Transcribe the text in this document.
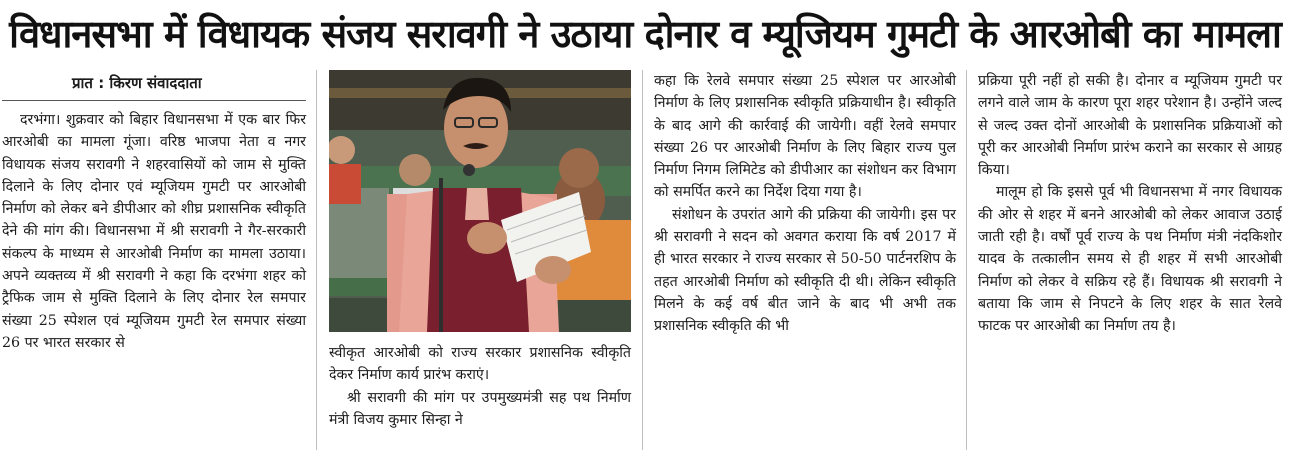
विधानसभा में विधायक संजय सरावगी ने उठाया दोनार व म्यूजियम गुमटी के आरओबी का मामला
प्रात : किरण संवाददाता

दरभंगा। शुक्रवार को बिहार विधानसभा में एक बार फिर आरओबी का मामला गूंजा। वरिष्ठ भाजपा नेता व नगर विधायक संजय सरावगी ने शहरवासियों को जाम से मुक्ति दिलाने के लिए दोनार एवं म्यूजियम गुमटी पर आरओबी निर्माण को लेकर बने डीपीआर को शीघ्र प्रशासनिक स्वीकृति देने की मांग की। विधानसभा में श्री सरावगी ने गैर-सरकारी संकल्प के माध्यम से आरओबी निर्माण का मामला उठाया। अपने व्यक्तव्य में श्री सरावगी ने कहा कि दरभंगा शहर को ट्रैफिक जाम से मुक्ति दिलाने के लिए दोनार रेल समपार संख्या 25 स्पेशल एवं म्यूजियम गुमटी रेल समपार संख्या 26 पर भारत सरकार से

स्वीकृत आरओबी को राज्य सरकार प्रशासनिक स्वीकृति देकर निर्माण कार्य प्रारंभ कराएं।

श्री सरावगी की मांग पर उपमुख्यमंत्री सह पथ निर्माण मंत्री विजय कुमार सिन्हा ने

कहा कि रेलवे समपार संख्या 25 स्पेशल पर आरओबी निर्माण के लिए प्रशासनिक स्वीकृति प्रक्रियाधीन है। स्वीकृति के बाद आगे की कार्रवाई की जायेगी। वहीं रेलवे समपार संख्या 26 पर आरओबी निर्माण के लिए बिहार राज्य पुल निर्माण निगम लिमिटेड को डीपीआर का संशोधन कर विभाग को समर्पित करने का निर्देश दिया गया है।

संशोधन के उपरांत आगे की प्रक्रिया की जायेगी। इस पर श्री सरावगी ने सदन को अवगत कराया कि वर्ष 2017 में ही भारत सरकार ने राज्य सरकार से 50-50 पार्टनरशिप के तहत आरओबी निर्माण को स्वीकृति दी थी। लेकिन स्वीकृति मिलने के कई वर्ष बीत जाने के बाद भी अभी तक प्रशासनिक स्वीकृति की भी

प्रक्रिया पूरी नहीं हो सकी है। दोनार व म्यूजियम गुमटी पर लगने वाले जाम के कारण पूरा शहर परेशान है। उन्होंने जल्द से जल्द उक्त दोनों आरओबी के प्रशासनिक प्रक्रियाओं को पूरी कर आरओबी निर्माण प्रारंभ कराने का सरकार से आग्रह किया।

मालूम हो कि इससे पूर्व भी विधानसभा में नगर विधायक की ओर से शहर में बनने आरओबी को लेकर आवाज उठाई जाती रही है। वर्षों पूर्व राज्य के पथ निर्माण मंत्री नंदकिशोर यादव के तत्कालीन समय से ही शहर में सभी आरओबी निर्माण को लेकर वे सक्रिय रहे हैं। विधायक श्री सरावगी ने बताया कि जाम से निपटने के लिए शहर के सात रेलवे फाटक पर आरओबी का निर्माण तय है।
